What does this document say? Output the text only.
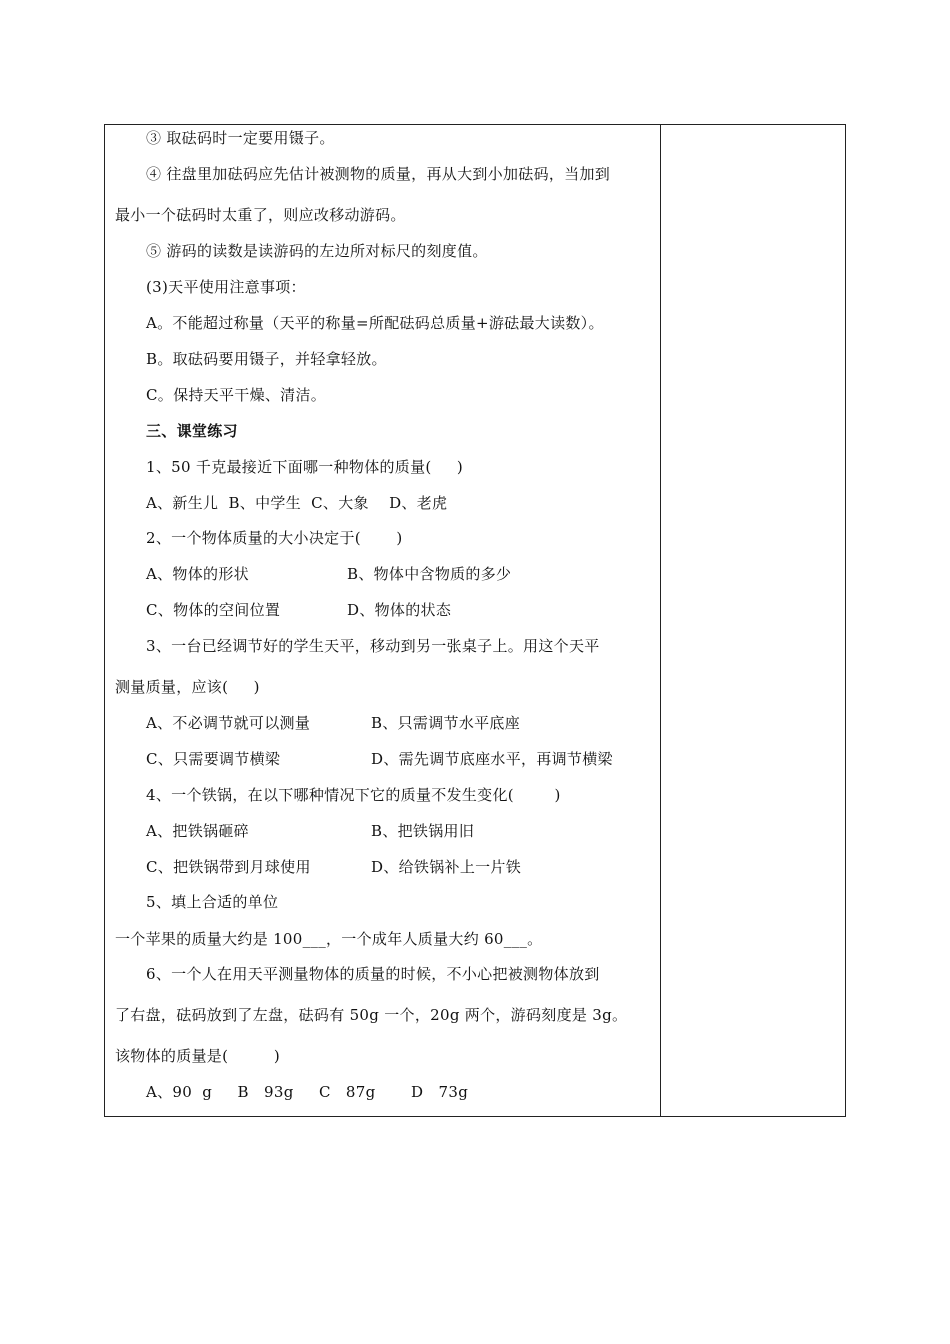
③ 取砝码时一定要用镊子。
④ 往盘里加砝码应先估计被测物的质量，再从大到小加砝码，当加到
最小一个砝码时太重了，则应改移动游码。
⑤ 游码的读数是读游码的左边所对标尺的刻度值。
(3)天平使用注意事项：
A。不能超过称量（天平的称量=所配砝码总质量+游砝最大读数）。
B。取砝码要用镊子，并轻拿轻放。
C。保持天平干燥、清洁。
三、课堂练习
1、50 千克最接近下面哪一种物体的质量(     )
A、新生儿  B、中学生  C、大象    D、老虎
2、一个物体质量的大小决定于(       )
A、物体的形状	B、物体中含物质的多少
C、物体的空间位置	D、物体的状态
3、一台已经调节好的学生天平，移动到另一张桌子上。用这个天平
测量质量，应该(     )
A、不必调节就可以测量	B、只需调节水平底座
C、只需要调节横梁	D、需先调节底座水平，再调节横梁
4、一个铁锅，在以下哪种情况下它的质量不发生变化(        )
A、把铁锅砸碎	B、把铁锅用旧
C、把铁锅带到月球使用	D、给铁锅补上一片铁
5、填上合适的单位
一个苹果的质量大约是 100___，一个成年人质量大约 60___。
6、一个人在用天平测量物体的质量的时候，不小心把被测物体放到
了右盘，砝码放到了左盘，砝码有 50g 一个，20g 两个，游码刻度是 3g。
该物体的质量是(         )
A、90  g     B   93g     C   87g       D   73g
